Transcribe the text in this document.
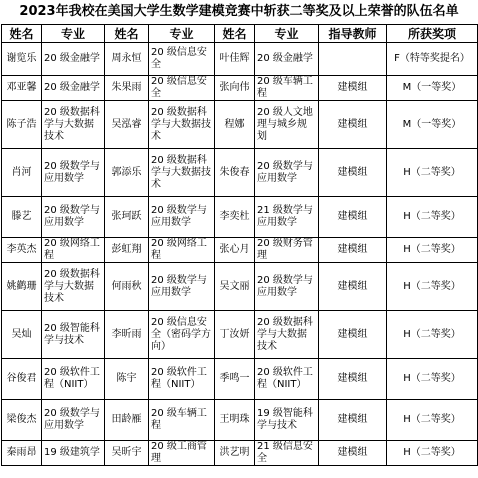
2023年我校在美国大学生数学建模竞赛中斩获二等奖及以上荣誉的队伍名单
姓名	专业	姓名	专业	姓名	专业	指导教师	所获奖项
谢览乐	20 级金融学	周永恒	20 级信息安全	叶佳辉	20 级金融学		F（特等奖提名）
邓亚馨	20 级金融学	朱果雨	20 级信息安全	张向伟	20 级车辆工程	建模组	M（一等奖）
陈子浩	20 级数据科学与大数据技术	吴泓睿	20 级数据科学与大数据技术	程娜	20 级人文地理与城乡规划	建模组	M（一等奖）
肖河	20 级数学与应用数学	郭添乐	20 级数据科学与大数据技术	朱俊春	20 级数学与应用数学	建模组	H（二等奖）
滕艺	20 级数学与应用数学	张珂跃	20 级数学与应用数学	李奕杜	21 级数学与应用数学	建模组	H（二等奖）
李英杰	20 级网络工程	彭虹翔	20 级网络工程	张心月	20 级财务管理	建模组	H（二等奖）
姚鹳珊	20 级数据科学与大数据技术	何雨秋	20 级数学与应用数学	吴文丽	20 级数学与应用数学	建模组	H（二等奖）
吴灿	20 级智能科学与技术	李昕雨	20 级信息安全（密码学方向）	丁汝妍	20 级数据科学与大数据技术	建模组	H（二等奖）
谷俊君	20 级软件工程（NIIT）	陈宇	20 级软件工程（NIIT）	季鸣一	20 级软件工程（NIIT）	建模组	H（二等奖）
梁俊杰	20 级数学与应用数学	田龄雁	20 级车辆工程	王明珠	19 级智能科学与技术	建模组	H（二等奖）
秦雨昂	19 级建筑学	吴昕宇	20 级工商管理	洪艺明	21 级信息安全	建模组	H（二等奖）
